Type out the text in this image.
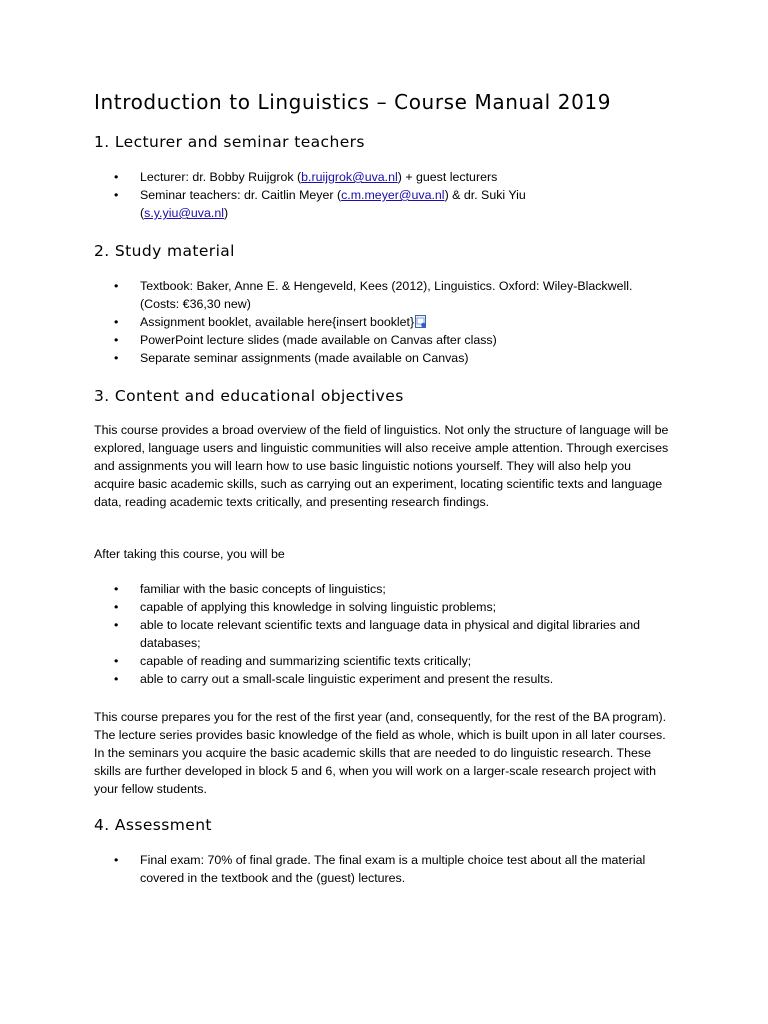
Introduction to Linguistics – Course Manual 2019
1. Lecturer and seminar teachers
• Lecturer: dr. Bobby Ruijgrok (b.ruijgrok@uva.nl) + guest lecturers
• Seminar teachers: dr. Caitlin Meyer (c.m.meyer@uva.nl) & dr. Suki Yiu
(s.y.yiu@uva.nl)
2. Study material
• Textbook: Baker, Anne E. & Hengeveld, Kees (2012), Linguistics. Oxford: Wiley-Blackwell. (Costs: €36,30 new)
• Assignment booklet, available here{insert booklet}
• PowerPoint lecture slides (made available on Canvas after class)
• Separate seminar assignments (made available on Canvas)
3. Content and educational objectives

This course provides a broad overview of the field of linguistics. Not only the structure of language will be explored, language users and linguistic communities will also receive ample attention. Through exercises and assignments you will learn how to use basic linguistic notions yourself. They will also help you acquire basic academic skills, such as carrying out an experiment, locating scientific texts and language data, reading academic texts critically, and presenting research findings.

After taking this course, you will be

• familiar with the basic concepts of linguistics;
• capable of applying this knowledge in solving linguistic problems;
• able to locate relevant scientific texts and language data in physical and digital libraries and databases;
• capable of reading and summarizing scientific texts critically;
• able to carry out a small-scale linguistic experiment and present the results.

This course prepares you for the rest of the first year (and, consequently, for the rest of the BA program). The lecture series provides basic knowledge of the field as whole, which is built upon in all later courses. In the seminars you acquire the basic academic skills that are needed to do linguistic research. These skills are further developed in block 5 and 6, when you will work on a larger-scale research project with your fellow students.

4. Assessment
• Final exam: 70% of final grade. The final exam is a multiple choice test about all the material covered in the textbook and the (guest) lectures.
